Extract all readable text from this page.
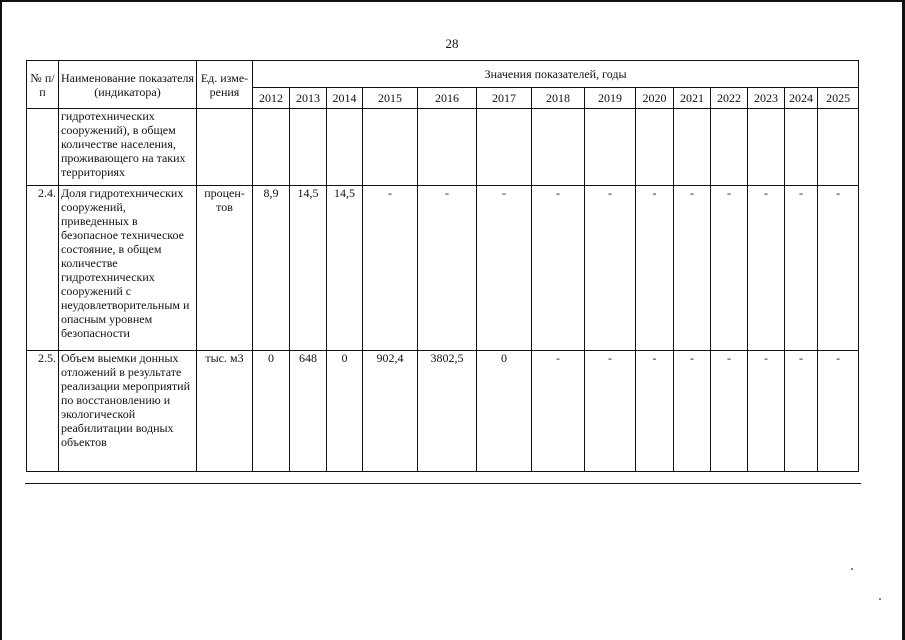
28
№ п/п	Наименование показателя (индикатора)	Ед. изме-рения	Значения показателей, годы													
			2012	2013	2014	2015	2016	2017	2018	2019	2020	2021	2022	2023	2024	2025
	гидротехнических сооружений), в общем количестве населения, проживающего на таких территориях															
2.4.	Доля гидротехнических сооружений, приведенных в безопасное техническое состояние, в общем количестве гидротехнических сооружений с неудовлетворительным и опасным уровнем безопасности	процен-тов	8,9	14,5	14,5	-	-	-	-	-	-	-	-	-	-	-
2.5.	Объем выемки донных отложений в результате реализации мероприятий по восстановлению и экологической реабилитации водных объектов	тыс. м3	0	648	0	902,4	3802,5	0	-	-	-	-	-	-	-	-
